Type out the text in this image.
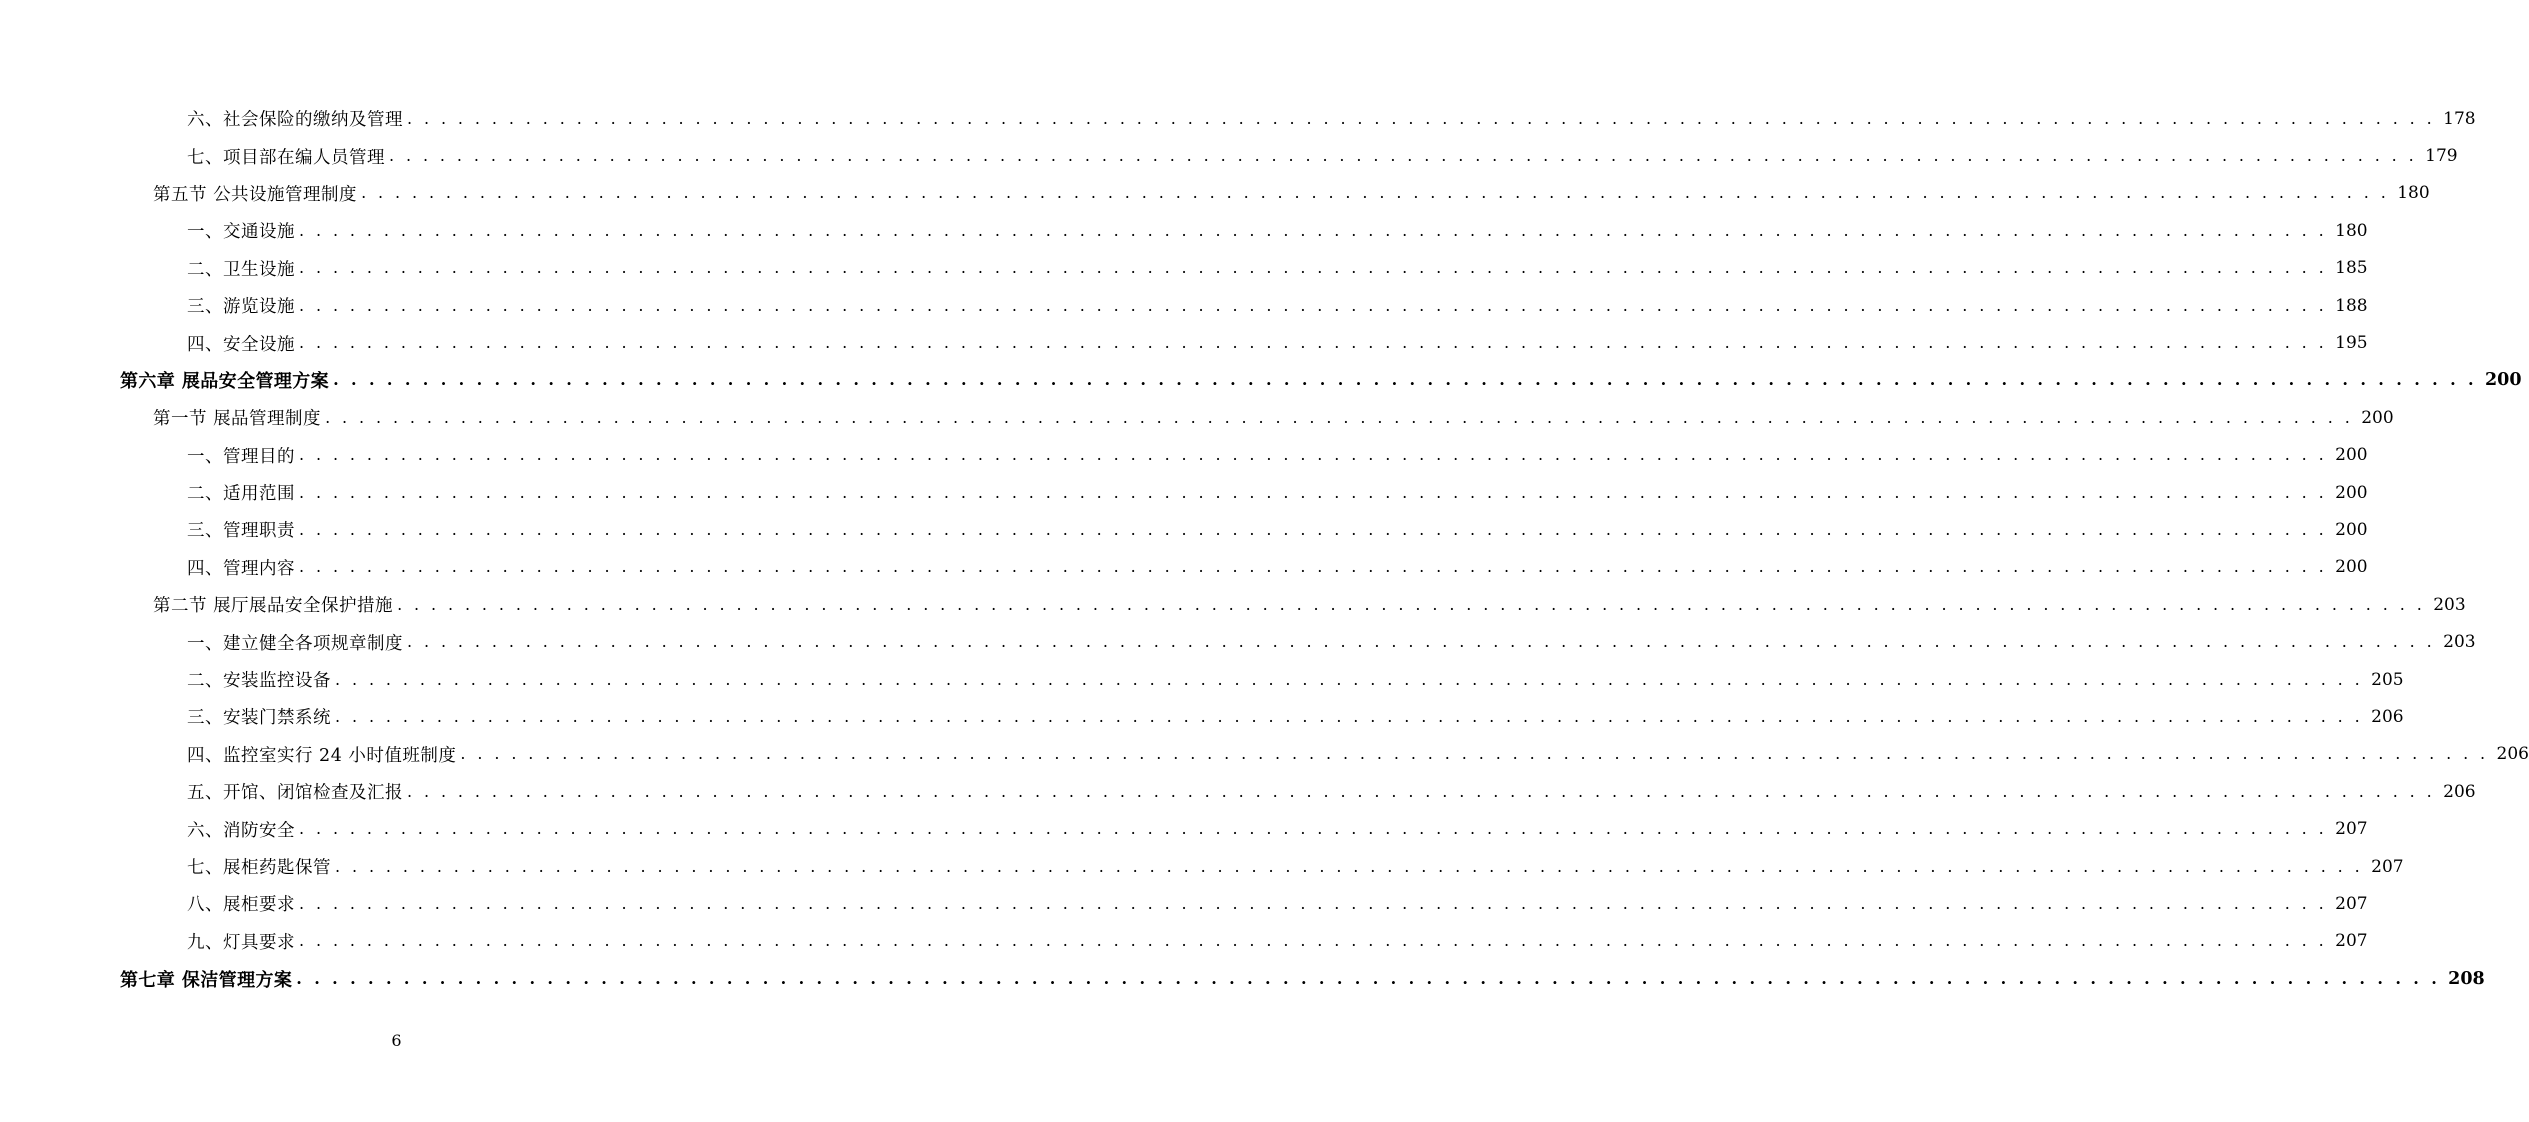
六、社会保险的缴纳及管理 . . . . . . . . . . . . . . . . . . . . . . . . . . . . . . . . . . . . . . . . . . . . . . . . . . . . . . . . . . . . . . . . . . . . . . . . . . . . . . . . . . . . . . . . . . . . . . . . . . . . . . . . . . . . . . . . . . . . . . . . 178
七、项目部在编人员管理 . . . . . . . . . . . . . . . . . . . . . . . . . . . . . . . . . . . . . . . . . . . . . . . . . . . . . . . . . . . . . . . . . . . . . . . . . . . . . . . . . . . . . . . . . . . . . . . . . . . . . . . . . . . . . . . . . . . . . . . . 179
第五节 公共设施管理制度 . . . . . . . . . . . . . . . . . . . . . . . . . . . . . . . . . . . . . . . . . . . . . . . . . . . . . . . . . . . . . . . . . . . . . . . . . . . . . . . . . . . . . . . . . . . . . . . . . . . . . . . . . . . . . . . . . . . . . . . . 180
一、交通设施 . . . . . . . . . . . . . . . . . . . . . . . . . . . . . . . . . . . . . . . . . . . . . . . . . . . . . . . . . . . . . . . . . . . . . . . . . . . . . . . . . . . . . . . . . . . . . . . . . . . . . . . . . . . . . . . . . . . . . . . . 180
二、卫生设施 . . . . . . . . . . . . . . . . . . . . . . . . . . . . . . . . . . . . . . . . . . . . . . . . . . . . . . . . . . . . . . . . . . . . . . . . . . . . . . . . . . . . . . . . . . . . . . . . . . . . . . . . . . . . . . . . . . . . . . . . 185
三、游览设施 . . . . . . . . . . . . . . . . . . . . . . . . . . . . . . . . . . . . . . . . . . . . . . . . . . . . . . . . . . . . . . . . . . . . . . . . . . . . . . . . . . . . . . . . . . . . . . . . . . . . . . . . . . . . . . . . . . . . . . . . 188
四、安全设施 . . . . . . . . . . . . . . . . . . . . . . . . . . . . . . . . . . . . . . . . . . . . . . . . . . . . . . . . . . . . . . . . . . . . . . . . . . . . . . . . . . . . . . . . . . . . . . . . . . . . . . . . . . . . . . . . . . . . . . . . 195
第六章 展品安全管理方案 . . . . . . . . . . . . . . . . . . . . . . . . . . . . . . . . . . . . . . . . . . . . . . . . . . . . . . . . . . . . . . . . . . . . . . . . . . . . . . . . . . . . . . . . . . . . . . . . . . . . . . . . . . . . . . . . . . . . . . . . 200
第一节 展品管理制度 . . . . . . . . . . . . . . . . . . . . . . . . . . . . . . . . . . . . . . . . . . . . . . . . . . . . . . . . . . . . . . . . . . . . . . . . . . . . . . . . . . . . . . . . . . . . . . . . . . . . . . . . . . . . . . . . . . . . . . . . 200
一、管理目的 . . . . . . . . . . . . . . . . . . . . . . . . . . . . . . . . . . . . . . . . . . . . . . . . . . . . . . . . . . . . . . . . . . . . . . . . . . . . . . . . . . . . . . . . . . . . . . . . . . . . . . . . . . . . . . . . . . . . . . . . 200
二、适用范围 . . . . . . . . . . . . . . . . . . . . . . . . . . . . . . . . . . . . . . . . . . . . . . . . . . . . . . . . . . . . . . . . . . . . . . . . . . . . . . . . . . . . . . . . . . . . . . . . . . . . . . . . . . . . . . . . . . . . . . . . 200
三、管理职责 . . . . . . . . . . . . . . . . . . . . . . . . . . . . . . . . . . . . . . . . . . . . . . . . . . . . . . . . . . . . . . . . . . . . . . . . . . . . . . . . . . . . . . . . . . . . . . . . . . . . . . . . . . . . . . . . . . . . . . . . 200
四、管理内容 . . . . . . . . . . . . . . . . . . . . . . . . . . . . . . . . . . . . . . . . . . . . . . . . . . . . . . . . . . . . . . . . . . . . . . . . . . . . . . . . . . . . . . . . . . . . . . . . . . . . . . . . . . . . . . . . . . . . . . . . 200
第二节 展厅展品安全保护措施 . . . . . . . . . . . . . . . . . . . . . . . . . . . . . . . . . . . . . . . . . . . . . . . . . . . . . . . . . . . . . . . . . . . . . . . . . . . . . . . . . . . . . . . . . . . . . . . . . . . . . . . . . . . . . . . . . . . . . . . . 203
一、建立健全各项规章制度 . . . . . . . . . . . . . . . . . . . . . . . . . . . . . . . . . . . . . . . . . . . . . . . . . . . . . . . . . . . . . . . . . . . . . . . . . . . . . . . . . . . . . . . . . . . . . . . . . . . . . . . . . . . . . . . . . . . . . . . . 203
二、安装监控设备 . . . . . . . . . . . . . . . . . . . . . . . . . . . . . . . . . . . . . . . . . . . . . . . . . . . . . . . . . . . . . . . . . . . . . . . . . . . . . . . . . . . . . . . . . . . . . . . . . . . . . . . . . . . . . . . . . . . . . . . . 205
三、安装门禁系统 . . . . . . . . . . . . . . . . . . . . . . . . . . . . . . . . . . . . . . . . . . . . . . . . . . . . . . . . . . . . . . . . . . . . . . . . . . . . . . . . . . . . . . . . . . . . . . . . . . . . . . . . . . . . . . . . . . . . . . . . 206
四、监控室实行 24 小时值班制度 . . . . . . . . . . . . . . . . . . . . . . . . . . . . . . . . . . . . . . . . . . . . . . . . . . . . . . . . . . . . . . . . . . . . . . . . . . . . . . . . . . . . . . . . . . . . . . . . . . . . . . . . . . . . . . . . . . . . . . . . 206
五、开馆、闭馆检查及汇报 . . . . . . . . . . . . . . . . . . . . . . . . . . . . . . . . . . . . . . . . . . . . . . . . . . . . . . . . . . . . . . . . . . . . . . . . . . . . . . . . . . . . . . . . . . . . . . . . . . . . . . . . . . . . . . . . . . . . . . . . 206
六、消防安全 . . . . . . . . . . . . . . . . . . . . . . . . . . . . . . . . . . . . . . . . . . . . . . . . . . . . . . . . . . . . . . . . . . . . . . . . . . . . . . . . . . . . . . . . . . . . . . . . . . . . . . . . . . . . . . . . . . . . . . . . 207
七、展柜药匙保管 . . . . . . . . . . . . . . . . . . . . . . . . . . . . . . . . . . . . . . . . . . . . . . . . . . . . . . . . . . . . . . . . . . . . . . . . . . . . . . . . . . . . . . . . . . . . . . . . . . . . . . . . . . . . . . . . . . . . . . . . 207
八、展柜要求 . . . . . . . . . . . . . . . . . . . . . . . . . . . . . . . . . . . . . . . . . . . . . . . . . . . . . . . . . . . . . . . . . . . . . . . . . . . . . . . . . . . . . . . . . . . . . . . . . . . . . . . . . . . . . . . . . . . . . . . . 207
九、灯具要求 . . . . . . . . . . . . . . . . . . . . . . . . . . . . . . . . . . . . . . . . . . . . . . . . . . . . . . . . . . . . . . . . . . . . . . . . . . . . . . . . . . . . . . . . . . . . . . . . . . . . . . . . . . . . . . . . . . . . . . . . 207
第七章 保洁管理方案 . . . . . . . . . . . . . . . . . . . . . . . . . . . . . . . . . . . . . . . . . . . . . . . . . . . . . . . . . . . . . . . . . . . . . . . . . . . . . . . . . . . . . . . . . . . . . . . . . . . . . . . . . . . . . . . . . . . . . . . . 208
6
